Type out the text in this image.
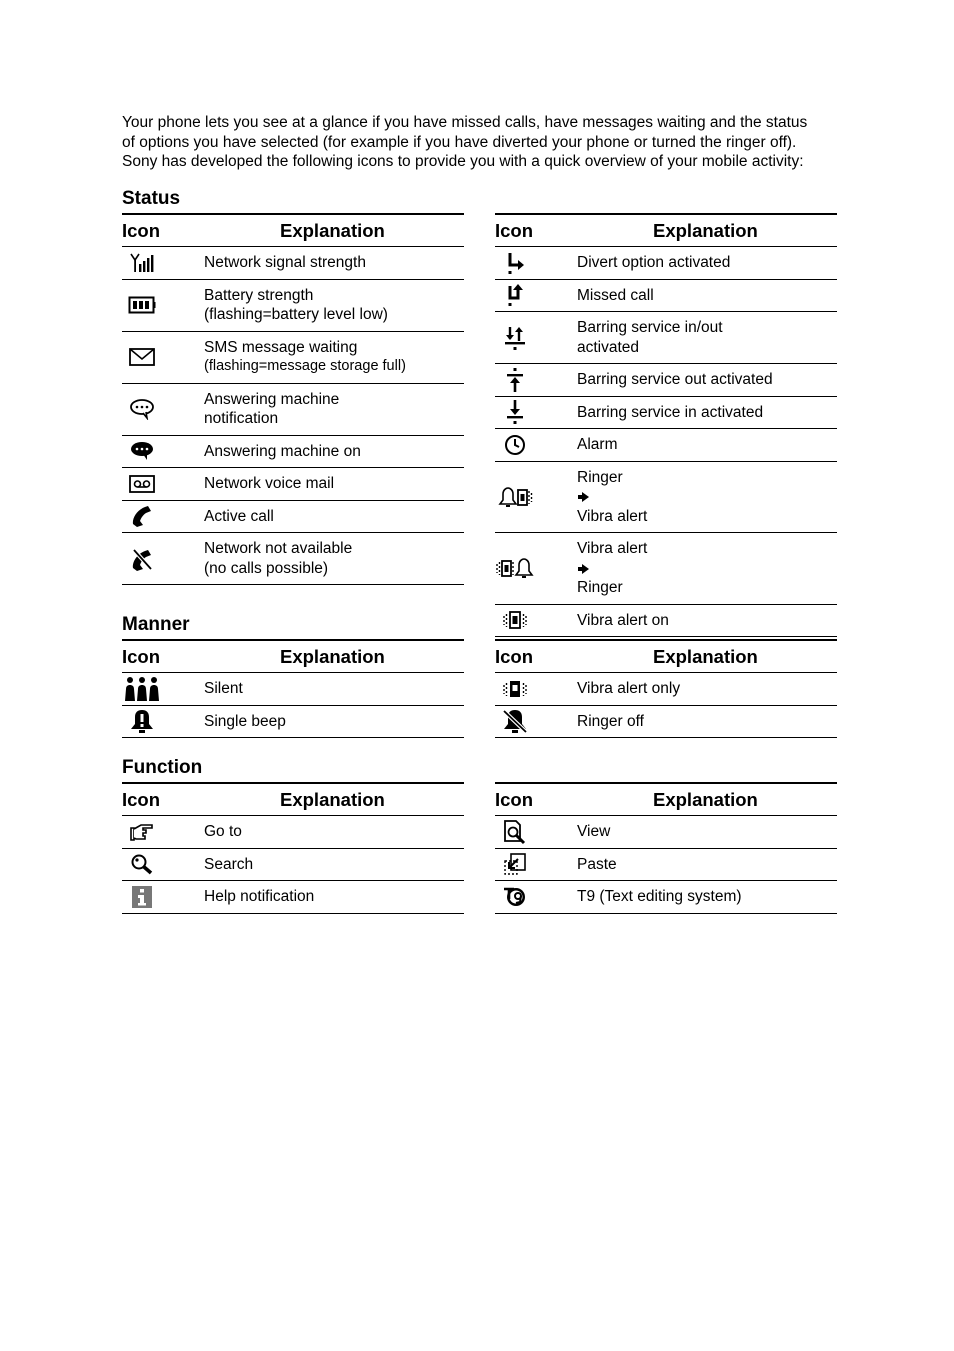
Your phone lets you see at a glance if you have missed calls, have messages waiting and the status

of options you have selected (for example if you have diverted your phone or turned the ringer off).

Sony has developed the following icons to provide you with a quick overview of your mobile activity:

Status
Icon	Explanation

Network signal strength

Battery strength
(flashing=battery level low)

SMS message waiting
(flashing=message storage full)

Answering machine
notification

Answering machine on

Network voice mail

Active call

Network not available
(no calls possible)
Icon	Explanation

Divert option activated

Missed call

Barring service in/out
activated

Barring service out activated

Barring service in activated

Alarm

Ringer
Vibra alert

Vibra alert
Ringer

Vibra alert on
Manner
Icon	Explanation

Silent

Single beep
Icon	Explanation

Vibra alert only

Ringer off
Function
Icon	Explanation

Go to

Search

Help notification
Icon	Explanation

View

Paste

T9 (Text editing system)
